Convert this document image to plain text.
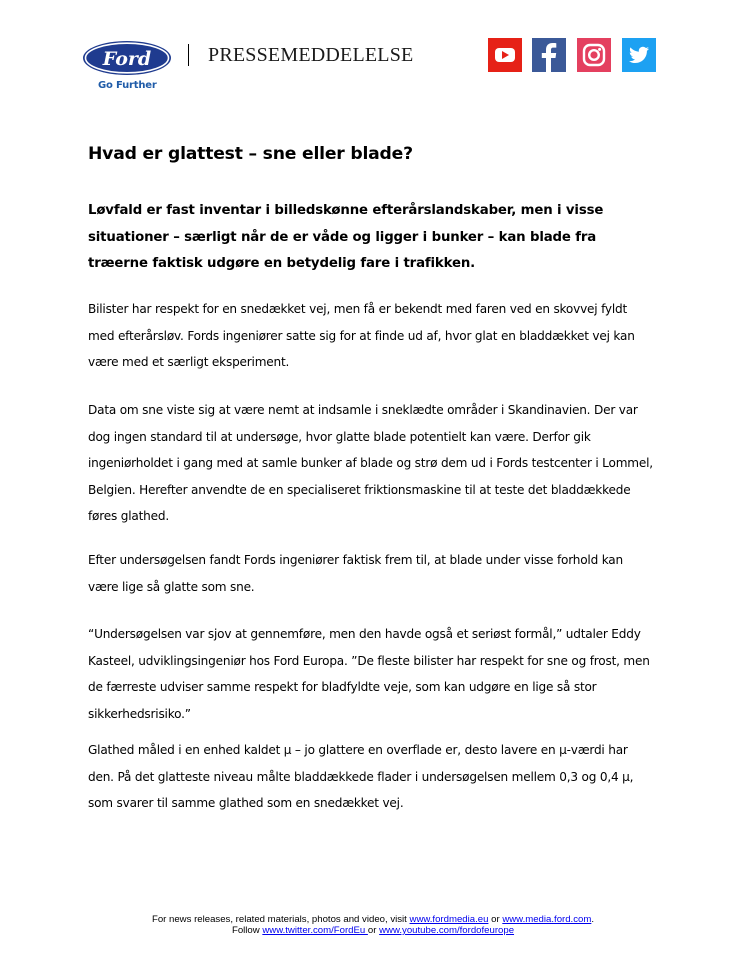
Ford
Go Further
PRESSEMEDDELELSE
Hvad er glattest – sne eller blade?

Løvfald er fast inventar i billedskønne efterårslandskaber, men i visse
situationer – særligt når de er våde og ligger i bunker – kan blade fra
træerne faktisk udgøre en betydelig fare i trafikken.

Bilister har respekt for en snedækket vej, men få er bekendt med faren ved en skovvej fyldt
med efterårsløv. Fords ingeniører satte sig for at finde ud af, hvor glat en bladdækket vej kan
være med et særligt eksperiment.

Data om sne viste sig at være nemt at indsamle i sneklædte områder i Skandinavien. Der var
dog ingen standard til at undersøge, hvor glatte blade potentielt kan være. Derfor gik
ingeniørholdet i gang med at samle bunker af blade og strø dem ud i Fords testcenter i Lommel,
Belgien. Herefter anvendte de en specialiseret friktionsmaskine til at teste det bladdækkede
føres glathed.

Efter undersøgelsen fandt Fords ingeniører faktisk frem til, at blade under visse forhold kan
være lige så glatte som sne.

“Undersøgelsen var sjov at gennemføre, men den havde også et seriøst formål,” udtaler Eddy
Kasteel, udviklingsingeniør hos Ford Europa. ”De fleste bilister har respekt for sne og frost, men
de færreste udviser samme respekt for bladfyldte veje, som kan udgøre en lige så stor
sikkerhedsrisiko.”

Glathed måled i en enhed kaldet μ – jo glattere en overflade er, desto lavere en μ-værdi har
den. På det glatteste niveau målte bladdækkede flader i undersøgelsen mellem 0,3 og 0,4 μ,
som svarer til samme glathed som en snedækket vej.

For news releases, related materials, photos and video, visit www.fordmedia.eu or www.media.ford.com.
Follow www.twitter.com/FordEu or www.youtube.com/fordofeurope
